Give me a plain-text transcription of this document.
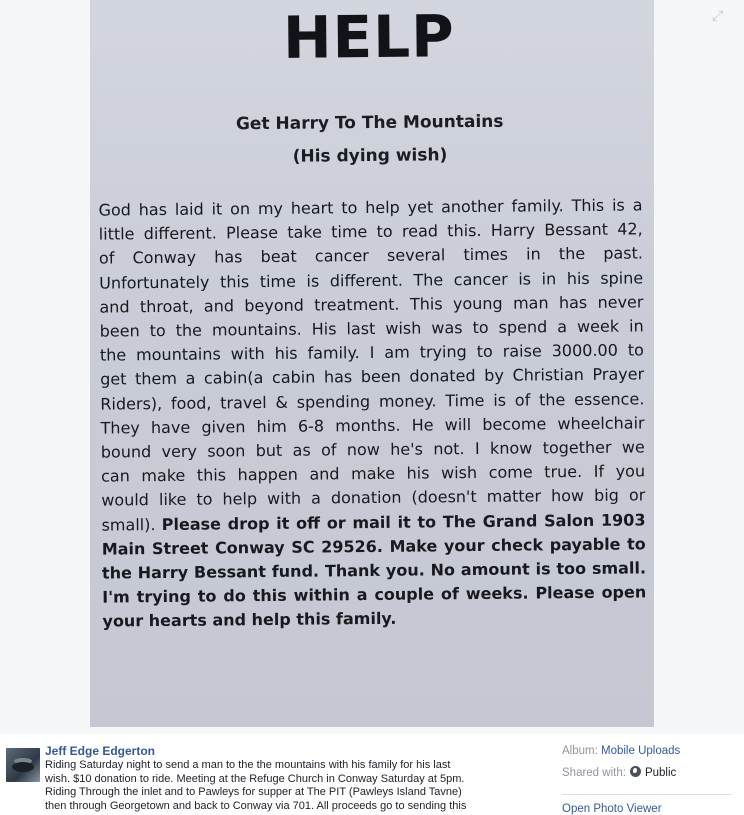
HELP
Get Harry To The Mountains
(His dying wish)
God has laid it on my heart to help yet another family. This is a
little different. Please take time to read this. Harry Bessant 42,
of Conway has beat cancer several times in the past.
Unfortunately this time is different. The cancer is in his spine
and throat, and beyond treatment. This young man has never
been to the mountains. His last wish was to spend a week in
the mountains with his family. I am trying to raise 3000.00 to
get them a cabin(a cabin has been donated by Christian Prayer
Riders), food, travel & spending money. Time is of the essence.
They have given him 6-8 months. He will become wheelchair
bound very soon but as of now he's not. I know together we
can make this happen and make his wish come true. If you
would like to help with a donation (doesn't matter how big or
small). Please drop it off or mail it to The Grand Salon 1903
Main Street Conway SC 29526. Make your check payable to
the Harry Bessant fund. Thank you. No amount is too small.
I'm trying to do this within a couple of weeks. Please open
your hearts and help this family.
⤢
Jeff Edge Edgerton
Riding Saturday night to send a man to the the mountains with his family for his last
wish. $10 donation to ride. Meeting at the Refuge Church in Conway Saturday at 5pm.
Riding Through the inlet and to Pawleys for supper at The PIT (Pawleys Island Tavne)
then through Georgetown and back to Conway via 701. All proceeds go to sending this
Album: Mobile Uploads
Shared with: Public
Open Photo Viewer
